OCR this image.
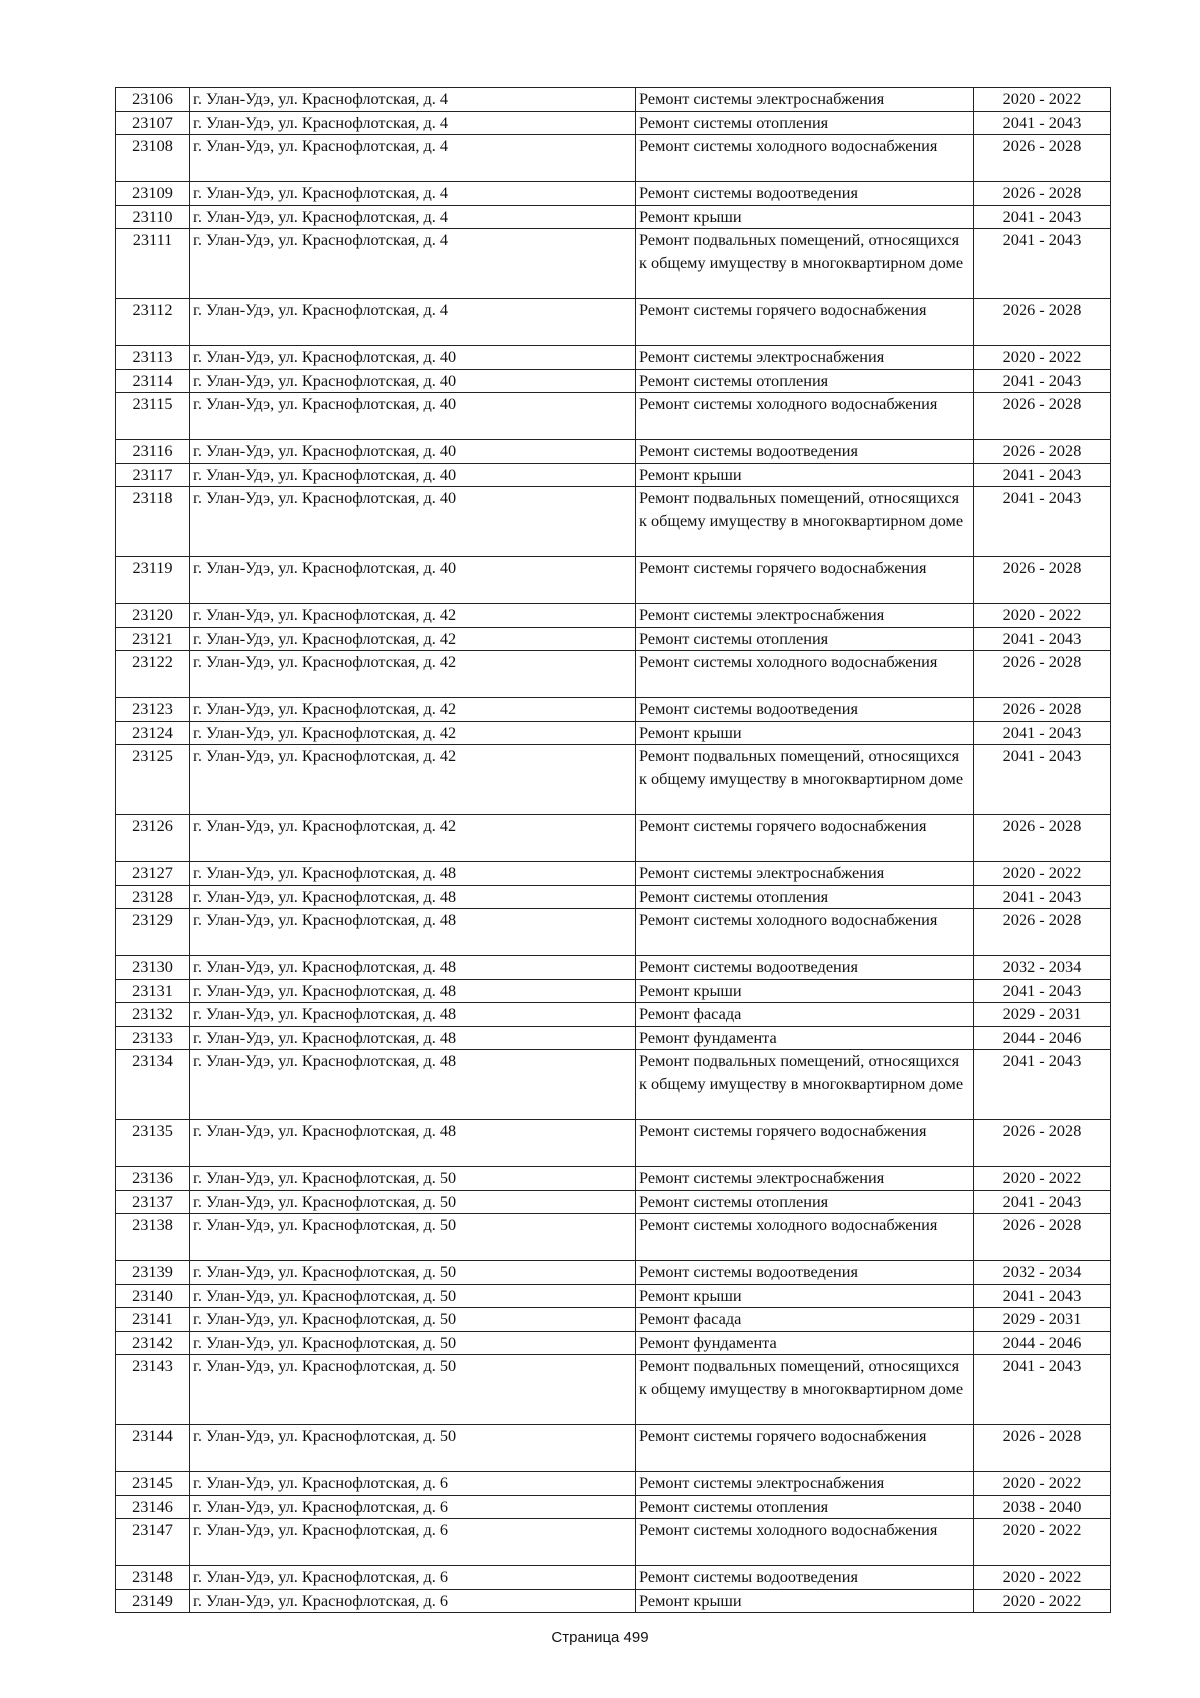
23106	г. Улан-Удэ, ул. Краснофлотская, д. 4	Ремонт системы электроснабжения	2020 - 2022
23107	г. Улан-Удэ, ул. Краснофлотская, д. 4	Ремонт системы отопления	2041 - 2043
23108	г. Улан-Удэ, ул. Краснофлотская, д. 4	Ремонт системы холодного водоснабжения	2026 - 2028
23109	г. Улан-Удэ, ул. Краснофлотская, д. 4	Ремонт системы водоотведения	2026 - 2028
23110	г. Улан-Удэ, ул. Краснофлотская, д. 4	Ремонт крыши	2041 - 2043
23111	г. Улан-Удэ, ул. Краснофлотская, д. 4	Ремонт подвальных помещений, относящихся к общему имуществу в многоквартирном доме	2041 - 2043
23112	г. Улан-Удэ, ул. Краснофлотская, д. 4	Ремонт системы горячего водоснабжения	2026 - 2028
23113	г. Улан-Удэ, ул. Краснофлотская, д. 40	Ремонт системы электроснабжения	2020 - 2022
23114	г. Улан-Удэ, ул. Краснофлотская, д. 40	Ремонт системы отопления	2041 - 2043
23115	г. Улан-Удэ, ул. Краснофлотская, д. 40	Ремонт системы холодного водоснабжения	2026 - 2028
23116	г. Улан-Удэ, ул. Краснофлотская, д. 40	Ремонт системы водоотведения	2026 - 2028
23117	г. Улан-Удэ, ул. Краснофлотская, д. 40	Ремонт крыши	2041 - 2043
23118	г. Улан-Удэ, ул. Краснофлотская, д. 40	Ремонт подвальных помещений, относящихся к общему имуществу в многоквартирном доме	2041 - 2043
23119	г. Улан-Удэ, ул. Краснофлотская, д. 40	Ремонт системы горячего водоснабжения	2026 - 2028
23120	г. Улан-Удэ, ул. Краснофлотская, д. 42	Ремонт системы электроснабжения	2020 - 2022
23121	г. Улан-Удэ, ул. Краснофлотская, д. 42	Ремонт системы отопления	2041 - 2043
23122	г. Улан-Удэ, ул. Краснофлотская, д. 42	Ремонт системы холодного водоснабжения	2026 - 2028
23123	г. Улан-Удэ, ул. Краснофлотская, д. 42	Ремонт системы водоотведения	2026 - 2028
23124	г. Улан-Удэ, ул. Краснофлотская, д. 42	Ремонт крыши	2041 - 2043
23125	г. Улан-Удэ, ул. Краснофлотская, д. 42	Ремонт подвальных помещений, относящихся к общему имуществу в многоквартирном доме	2041 - 2043
23126	г. Улан-Удэ, ул. Краснофлотская, д. 42	Ремонт системы горячего водоснабжения	2026 - 2028
23127	г. Улан-Удэ, ул. Краснофлотская, д. 48	Ремонт системы электроснабжения	2020 - 2022
23128	г. Улан-Удэ, ул. Краснофлотская, д. 48	Ремонт системы отопления	2041 - 2043
23129	г. Улан-Удэ, ул. Краснофлотская, д. 48	Ремонт системы холодного водоснабжения	2026 - 2028
23130	г. Улан-Удэ, ул. Краснофлотская, д. 48	Ремонт системы водоотведения	2032 - 2034
23131	г. Улан-Удэ, ул. Краснофлотская, д. 48	Ремонт крыши	2041 - 2043
23132	г. Улан-Удэ, ул. Краснофлотская, д. 48	Ремонт фасада	2029 - 2031
23133	г. Улан-Удэ, ул. Краснофлотская, д. 48	Ремонт фундамента	2044 - 2046
23134	г. Улан-Удэ, ул. Краснофлотская, д. 48	Ремонт подвальных помещений, относящихся к общему имуществу в многоквартирном доме	2041 - 2043
23135	г. Улан-Удэ, ул. Краснофлотская, д. 48	Ремонт системы горячего водоснабжения	2026 - 2028
23136	г. Улан-Удэ, ул. Краснофлотская, д. 50	Ремонт системы электроснабжения	2020 - 2022
23137	г. Улан-Удэ, ул. Краснофлотская, д. 50	Ремонт системы отопления	2041 - 2043
23138	г. Улан-Удэ, ул. Краснофлотская, д. 50	Ремонт системы холодного водоснабжения	2026 - 2028
23139	г. Улан-Удэ, ул. Краснофлотская, д. 50	Ремонт системы водоотведения	2032 - 2034
23140	г. Улан-Удэ, ул. Краснофлотская, д. 50	Ремонт крыши	2041 - 2043
23141	г. Улан-Удэ, ул. Краснофлотская, д. 50	Ремонт фасада	2029 - 2031
23142	г. Улан-Удэ, ул. Краснофлотская, д. 50	Ремонт фундамента	2044 - 2046
23143	г. Улан-Удэ, ул. Краснофлотская, д. 50	Ремонт подвальных помещений, относящихся к общему имуществу в многоквартирном доме	2041 - 2043
23144	г. Улан-Удэ, ул. Краснофлотская, д. 50	Ремонт системы горячего водоснабжения	2026 - 2028
23145	г. Улан-Удэ, ул. Краснофлотская, д. 6	Ремонт системы электроснабжения	2020 - 2022
23146	г. Улан-Удэ, ул. Краснофлотская, д. 6	Ремонт системы отопления	2038 - 2040
23147	г. Улан-Удэ, ул. Краснофлотская, д. 6	Ремонт системы холодного водоснабжения	2020 - 2022
23148	г. Улан-Удэ, ул. Краснофлотская, д. 6	Ремонт системы водоотведения	2020 - 2022
23149	г. Улан-Удэ, ул. Краснофлотская, д. 6	Ремонт крыши	2020 - 2022
Страница 499
